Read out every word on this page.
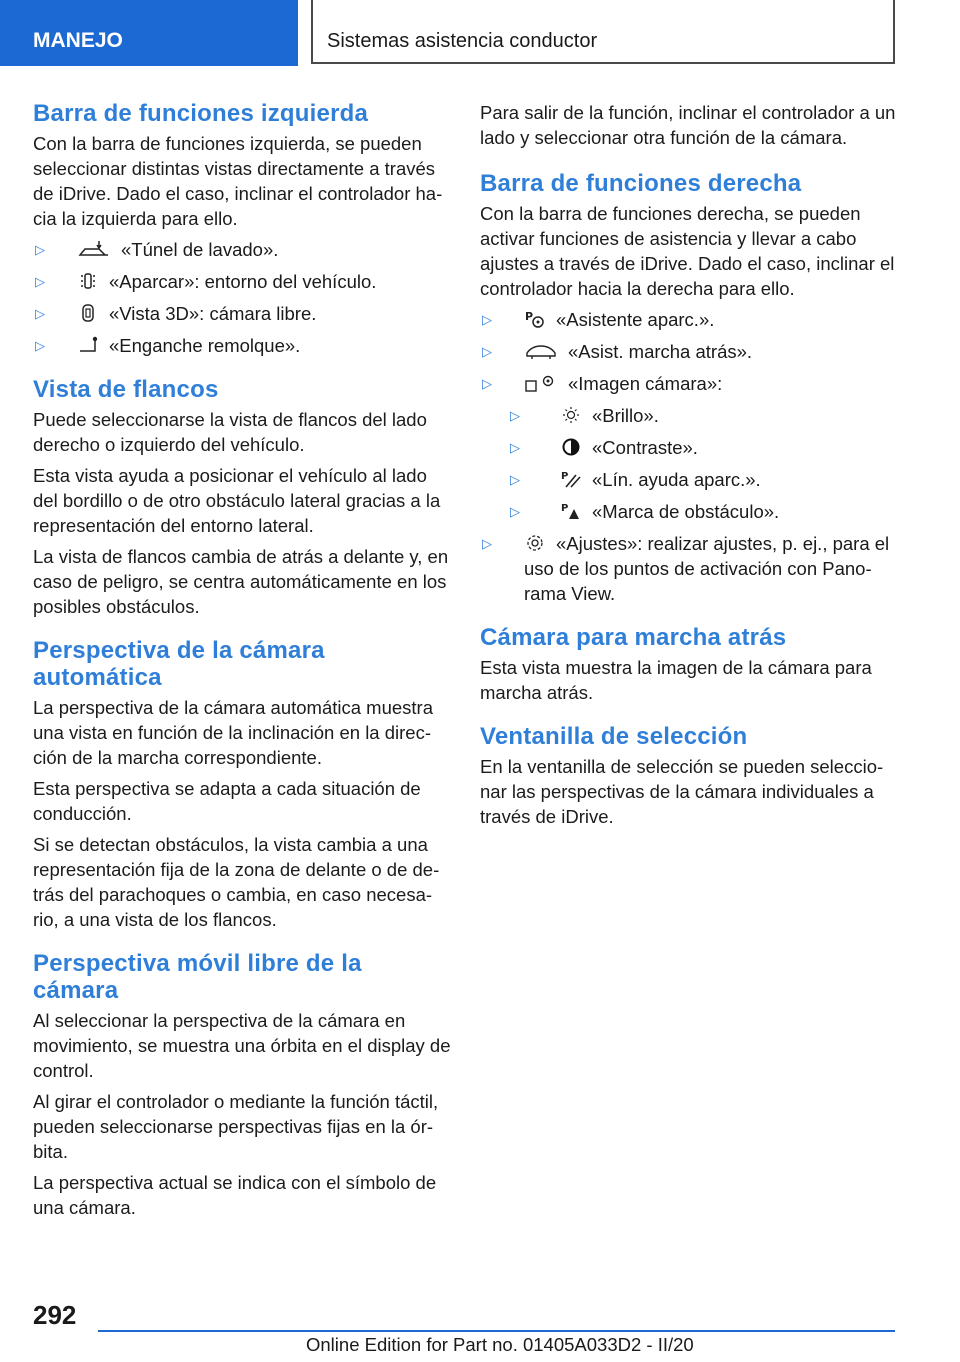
MANEJO	Sistemas asistencia conductor
Barra de funciones izquierda

Con la barra de funciones izquierda, se pueden seleccionar distintas vistas directamente a través de iDrive. Dado el caso, inclinar el controlador ha-cia la izquierda para ello.

▷	«Túnel de lavado».
▷	«Aparcar»: entorno del vehículo.
▷	«Vista 3D»: cámara libre.
▷	«Enganche remolque».
Vista de flancos

Puede seleccionarse la vista de flancos del lado derecho o izquierdo del vehículo.

Esta vista ayuda a posicionar el vehículo al lado del bordillo o de otro obstáculo lateral gracias a la representación del entorno lateral.

La vista de flancos cambia de atrás a delante y, en caso de peligro, se centra automáticamente en los posibles obstáculos.

Perspectiva de la cámara automática

La perspectiva de la cámara automática muestra una vista en función de la inclinación en la direc-ción de la marcha correspondiente.

Esta perspectiva se adapta a cada situación de conducción.

Si se detectan obstáculos, la vista cambia a una representación fija de la zona de delante o de de-trás del parachoques o cambia, en caso necesa-rio, a una vista de los flancos.

Perspectiva móvil libre de la cámara

Al seleccionar la perspectiva de la cámara en movimiento, se muestra una órbita en el display de control.

Al girar el controlador o mediante la función táctil, pueden seleccionarse perspectivas fijas en la ór-bita.

La perspectiva actual se indica con el símbolo de una cámara.

Para salir de la función, inclinar el controlador a un lado y seleccionar otra función de la cámara.

Barra de funciones derecha

Con la barra de funciones derecha, se pueden activar funciones de asistencia y llevar a cabo ajustes a través de iDrive. Dado el caso, inclinar el controlador hacia la derecha para ello.

▷	P «Asistente aparc.».
▷	«Asist. marcha atrás».
▷	«Imagen cámara»:
▷	«Brillo».
▷	«Contraste».
▷	P «Lín. ayuda aparc.».
▷	P «Marca de obstáculo».
▷	«Ajustes»: realizar ajustes, p. ej., para el uso de los puntos de activación con Pano-rama View.
Cámara para marcha atrás

Esta vista muestra la imagen de la cámara para marcha atrás.

Ventanilla de selección

En la ventanilla de selección se pueden seleccio-nar las perspectivas de la cámara individuales a través de iDrive.

292
Online Edition for Part no. 01405A033D2 - II/20
